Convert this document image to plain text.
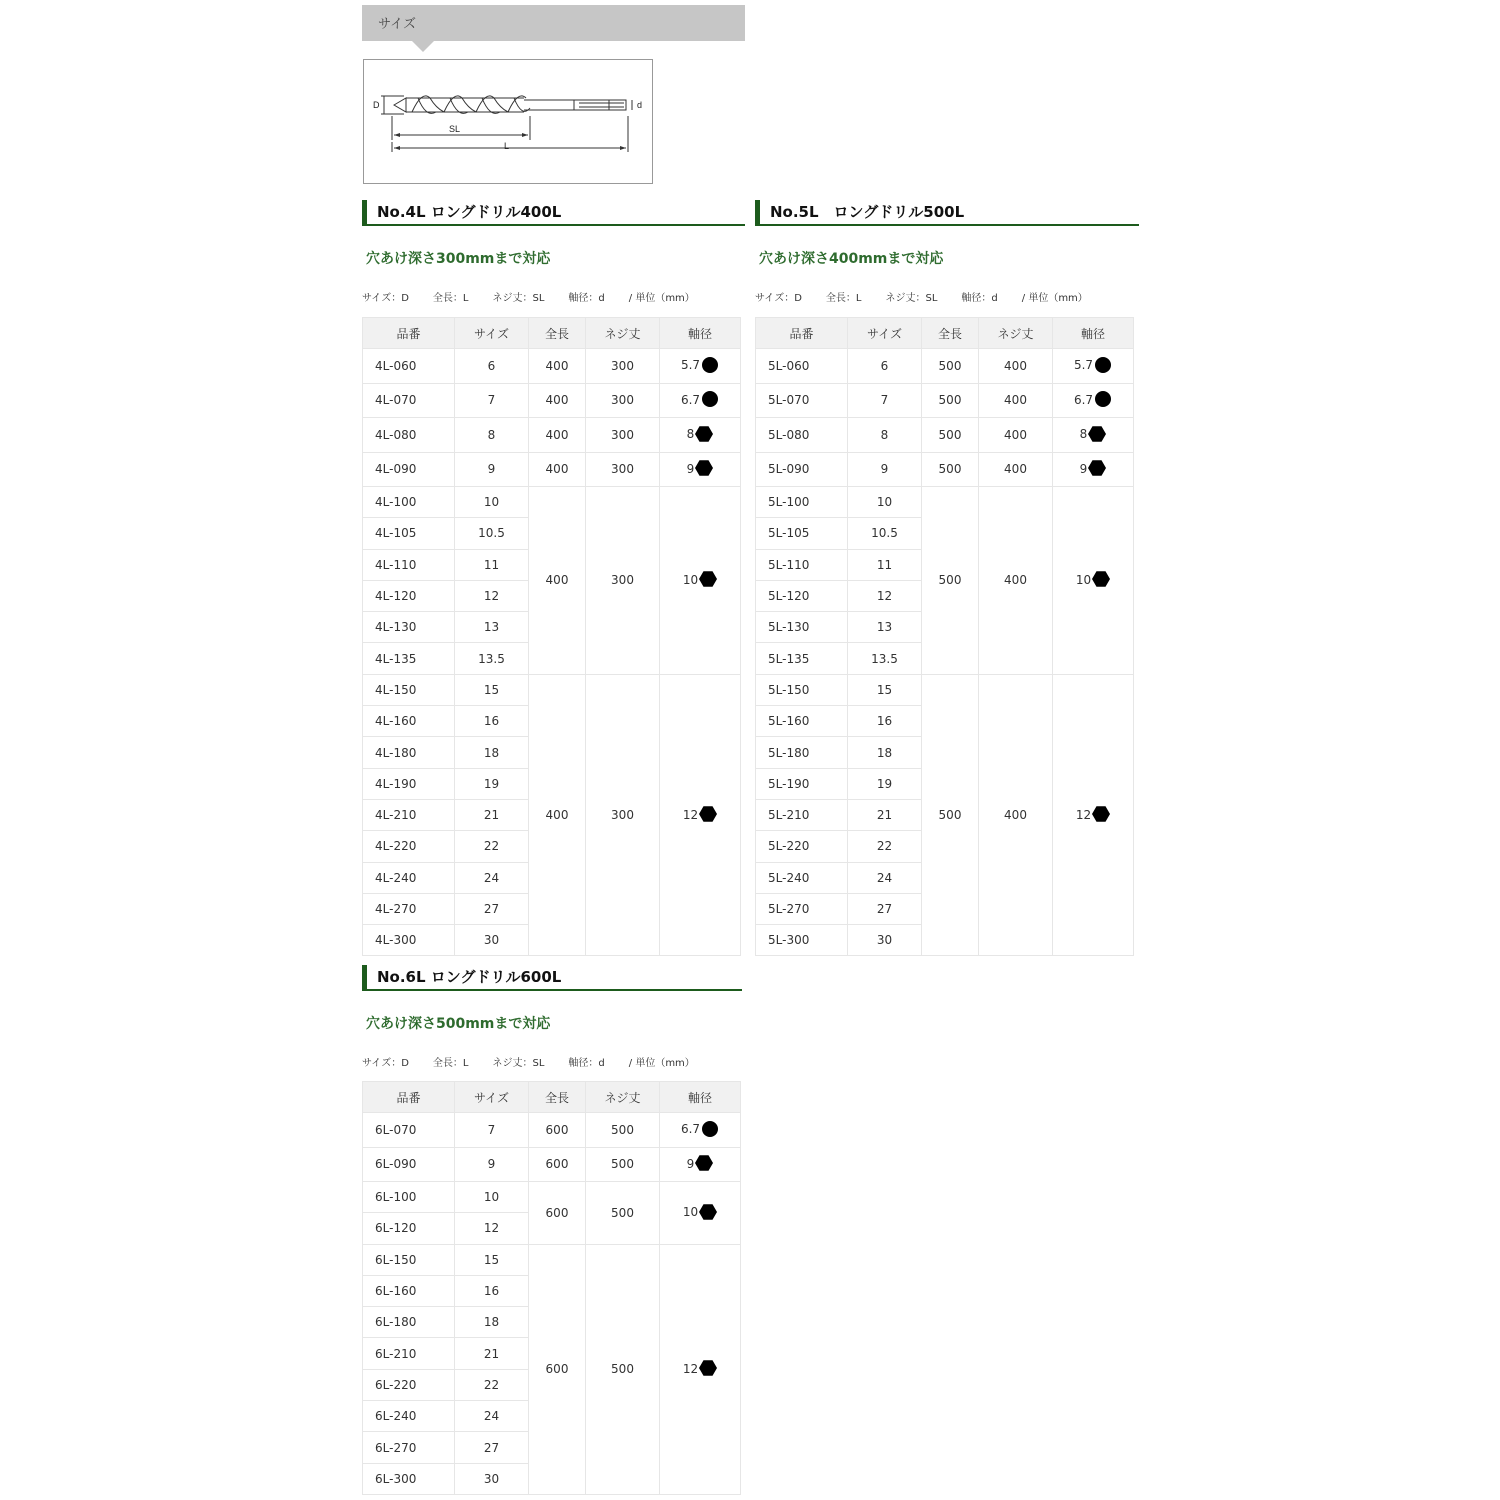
サイズ
D	d
SL
L
No.4L ロングドリル400L
穴あけ深さ300mmまで対応
サイズ：D 全長：L ネジ丈：SL 軸径：d / 単位（mm）
No.5L　ロングドリル500L
穴あけ深さ400mmまで対応
サイズ：D 全長：L ネジ丈：SL 軸径：d / 単位（mm）
No.6L ロングドリル600L
穴あけ深さ500mmまで対応
サイズ：D 全長：L ネジ丈：SL 軸径：d / 単位（mm）
品番	サイズ	全長	ネジ丈	軸径
4L-060	6	400	300	5.7
4L-070	7	400	300	6.7
4L-080	8	400	300	8
4L-090	9	400	300	9
4L-100	10	400	300	10
4L-105	10.5			
4L-110	11			
4L-120	12			
4L-130	13			
4L-135	13.5			
4L-150	15	400	300	12
4L-160	16			
4L-180	18			
4L-190	19			
4L-210	21			
4L-220	22			
4L-240	24			
4L-270	27			
4L-300	30			
品番	サイズ	全長	ネジ丈	軸径
5L-060	6	500	400	5.7
5L-070	7	500	400	6.7
5L-080	8	500	400	8
5L-090	9	500	400	9
5L-100	10	500	400	10
5L-105	10.5			
5L-110	11			
5L-120	12			
5L-130	13			
5L-135	13.5			
5L-150	15	500	400	12
5L-160	16			
5L-180	18			
5L-190	19			
5L-210	21			
5L-220	22			
5L-240	24			
5L-270	27			
5L-300	30			
品番	サイズ	全長	ネジ丈	軸径
6L-070	7	600	500	6.7
6L-090	9	600	500	9
6L-100	10	600	500	10
6L-120	12			
6L-150	15	600	500	12
6L-160	16			
6L-180	18			
6L-210	21			
6L-220	22			
6L-240	24			
6L-270	27			
6L-300	30			
